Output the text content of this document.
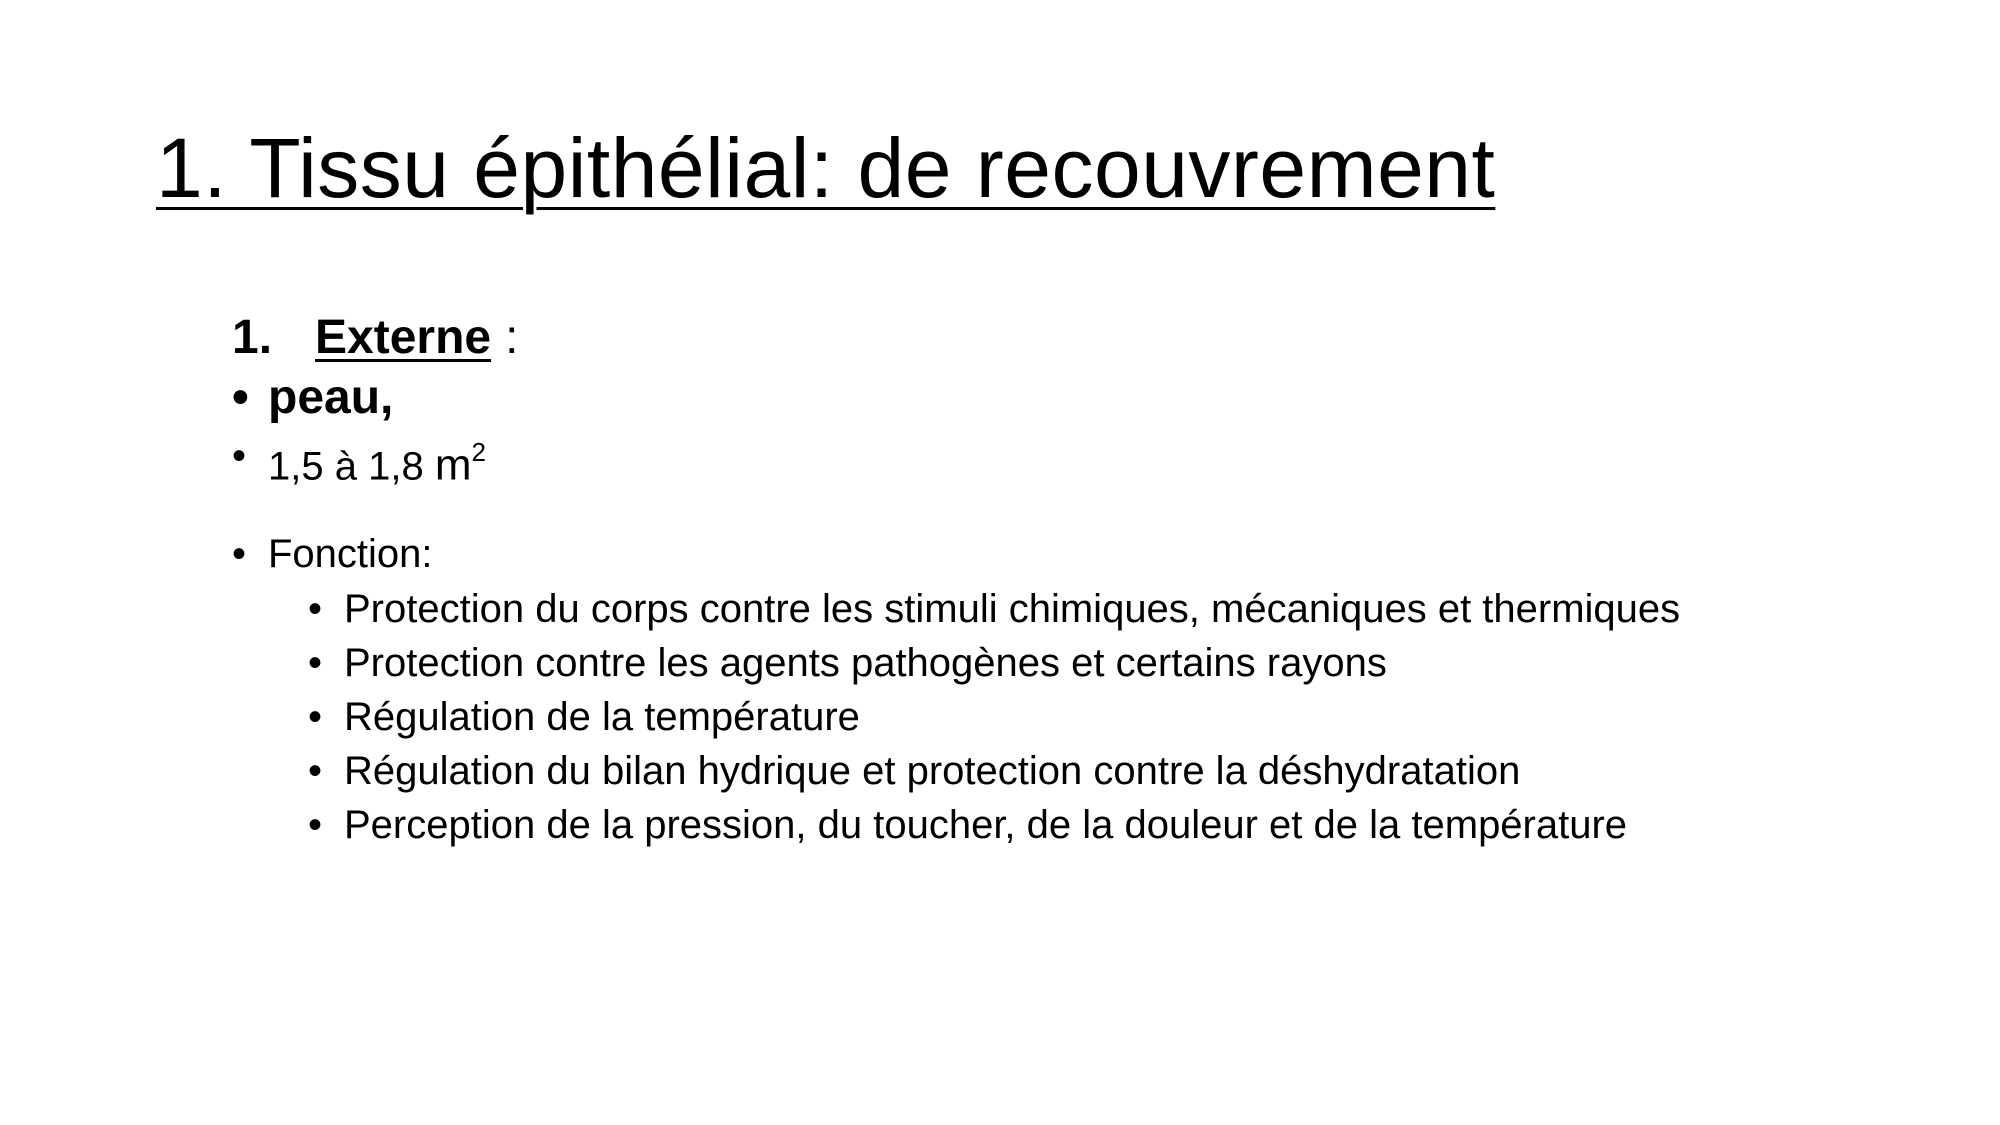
1. Tissu épithélial: de recouvrement
1. Externe :
• peau,
• 1,5 à 1,8 $m^2$
• Fonction:
• Protection du corps contre les stimuli chimiques, mécaniques et thermiques
• Protection contre les agents pathogènes et certains rayons
• Régulation de la température
• Régulation du bilan hydrique et protection contre la déshydratation
• Perception de la pression, du toucher, de la douleur et de la température
